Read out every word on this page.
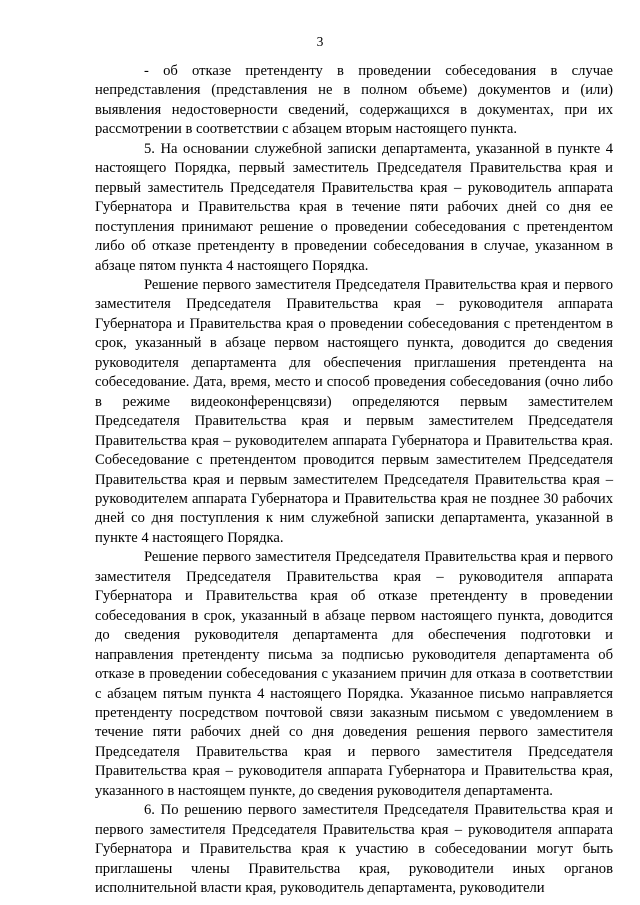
3

- об отказе претенденту в проведении собеседования в случае непредставления (представления не в полном объеме) документов и (или) выявления недостоверности сведений, содержащихся в документах, при их рассмотрении в соответствии с абзацем вторым настоящего пункта.

5. На основании служебной записки департамента, указанной в пункте 4 настоящего Порядка, первый заместитель Председателя Правительства края и первый заместитель Председателя Правительства края – руководитель аппарата Губернатора и Правительства края в течение пяти рабочих дней со дня ее поступления принимают решение о проведении собеседования с претендентом либо об отказе претенденту в проведении собеседования в случае, указанном в абзаце пятом пункта 4 настоящего Порядка.

Решение первого заместителя Председателя Правительства края и первого заместителя Председателя Правительства края – руководителя аппарата Губернатора и Правительства края о проведении собеседования с претендентом в срок, указанный в абзаце первом настоящего пункта, доводится до сведения руководителя департамента для обеспечения приглашения претендента на собеседование. Дата, время, место и способ проведения собеседования (очно либо в режиме видеоконференцсвязи) определяются первым заместителем Председателя Правительства края и первым заместителем Председателя Правительства края – руководителем аппарата Губернатора и Правительства края. Собеседование с претендентом проводится первым заместителем Председателя Правительства края и первым заместителем Председателя Правительства края – руководителем аппарата Губернатора и Правительства края не позднее 30 рабочих дней со дня поступления к ним служебной записки департамента, указанной в пункте 4 настоящего Порядка.

Решение первого заместителя Председателя Правительства края и первого заместителя Председателя Правительства края – руководителя аппарата Губернатора и Правительства края об отказе претенденту в проведении собеседования в срок, указанный в абзаце первом настоящего пункта, доводится до сведения руководителя департамента для обеспечения подготовки и направления претенденту письма за подписью руководителя департамента об отказе в проведении собеседования с указанием причин для отказа в соответствии с абзацем пятым пункта 4 настоящего Порядка. Указанное письмо направляется претенденту посредством почтовой связи заказным письмом с уведомлением в течение пяти рабочих дней со дня доведения решения первого заместителя Председателя Правительства края и первого заместителя Председателя Правительства края – руководителя аппарата Губернатора и Правительства края, указанного в настоящем пункте, до сведения руководителя департамента.

6. По решению первого заместителя Председателя Правительства края и первого заместителя Председателя Правительства края – руководителя аппарата Губернатора и Правительства края к участию в собеседовании могут быть приглашены члены Правительства края, руководители иных органов исполнительной власти края, руководитель департамента, руководители
